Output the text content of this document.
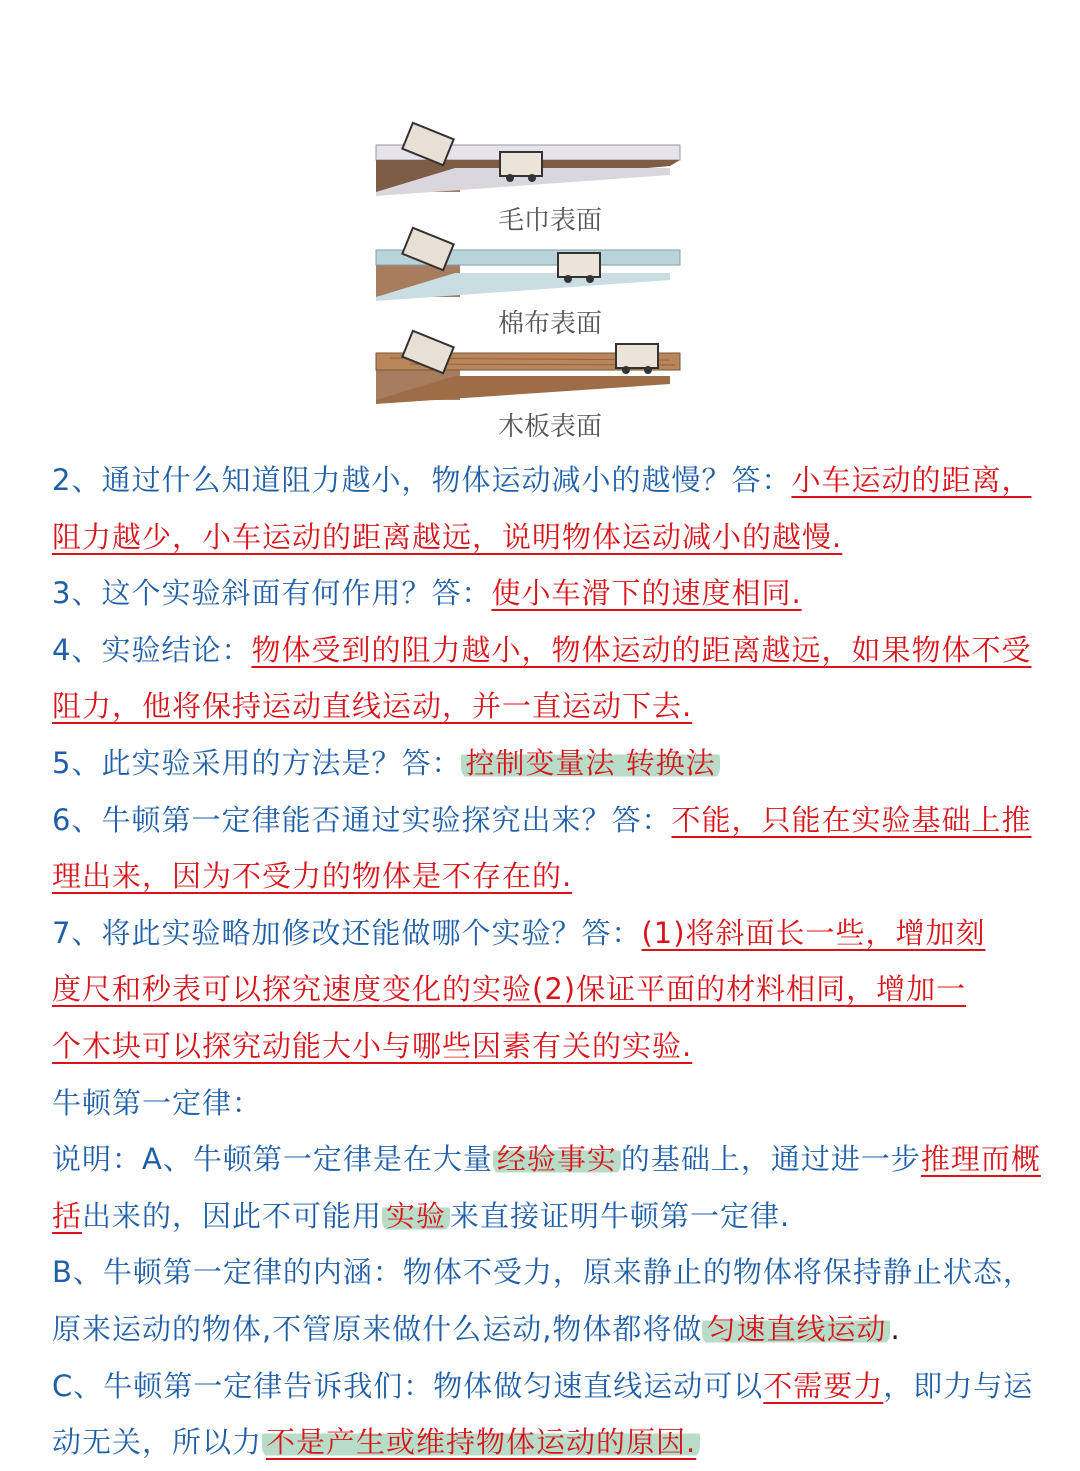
毛巾表面
棉布表面
木板表面
2、通过什么知道阻力越小，物体运动减小的越慢？答：小车运动的距离，
阻力越少，小车运动的距离越远，说明物体运动减小的越慢.
3、这个实验斜面有何作用？答：使小车滑下的速度相同.
4、实验结论：物体受到的阻力越小，物体运动的距离越远，如果物体不受
阻力，他将保持运动直线运动，并一直运动下去.
5、此实验采用的方法是？答： 控制变量法 转换法
6、牛顿第一定律能否通过实验探究出来？答：不能，只能在实验基础上推
理出来，因为不受力的物体是不存在的.
7、将此实验略加修改还能做哪个实验？答：(1)将斜面长一些，增加刻
度尺和秒表可以探究速度变化的实验(2)保证平面的材料相同，增加一
个木块可以探究动能大小与哪些因素有关的实验.
牛顿第一定律：
说明：A、牛顿第一定律是在大量 经验事实 的基础上，通过进一步推理而概
括出来的，因此不可能用 实验 来直接证明牛顿第一定律.
B、牛顿第一定律的内涵：物体不受力，原来静止的物体将保持静止状态，
原来运动的物体,不管原来做什么运动,物体都将做 匀速直线运动 .
C、牛顿第一定律告诉我们：物体做匀速直线运动可以不需要力，即力与运
动无关，所以力 不是产生或维持物体运动的原因.
